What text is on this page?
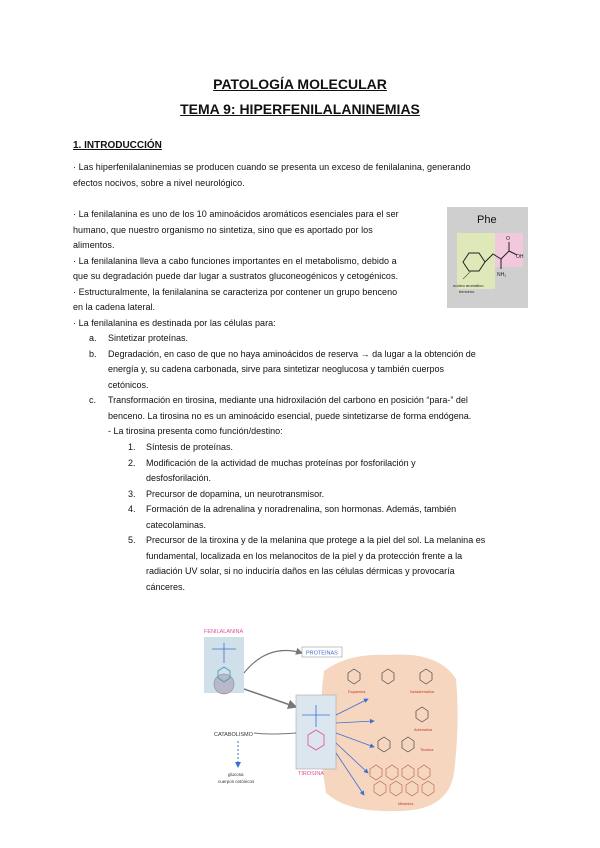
PATOLOGÍA MOLECULAR
TEMA 9: HIPERFENILALANINEMIAS
1. INTRODUCCIÓN
· Las hiperfenilalaninemias se producen cuando se presenta un exceso de fenilalanina, generando
efectos nocivos, sobre a nivel neurológico.
· La fenilalanina es uno de los 10 aminoácidos aromáticos esenciales para el ser
humano, que nuestro organismo no sintetiza, sino que es aportado por los
alimentos.
· La fenilalanina lleva a cabo funciones importantes en el metabolismo, debido a
que su degradación puede dar lugar a sustratos gluconeogénicos y cetogénicos.
· Estructuralmente, la fenilalanina se caracteriza por contener un grupo benceno
en la cadena lateral.
· La fenilalanina es destinada por las células para:
Phe
O
OH
NH₂
núcleo aromático
benceno
a. Sintetizar proteínas.
b. Degradación, en caso de que no haya aminoácidos de reserva → da lugar a la obtención de
energía y, su cadena carbonada, sirve para sintetizar neoglucosa y también cuerpos
cetónicos.
c. Transformación en tirosina, mediante una hidroxilación del carbono en posición “para-” del
benceno. La tirosina no es un aminoácido esencial, puede sintetizarse de forma endógena.
- La tirosina presenta como función/destino:
1. Síntesis de proteínas.
2. Modificación de la actividad de muchas proteínas por fosforilación y
desfosforilación.
3. Precursor de dopamina, un neurotransmisor.
4. Formación de la adrenalina y noradrenalina, son hormonas. Además, también
catecolaminas.
5. Precursor de la tiroxina y de la melanina que protege a la piel del sol. La melanina es
fundamental, localizada en los melanocitos de la piel y da protección frente a la
radiación UV solar, si no induciría daños en las células dérmicas y provocaría
cánceres.
FENILALANINA
PROTEINAS
TIROSINA
CATABOLISMO
glucosa
cuerpos cetónicos
Dopamina	Noradrenalina
Adrenalina
Tiroxina
Melanina
